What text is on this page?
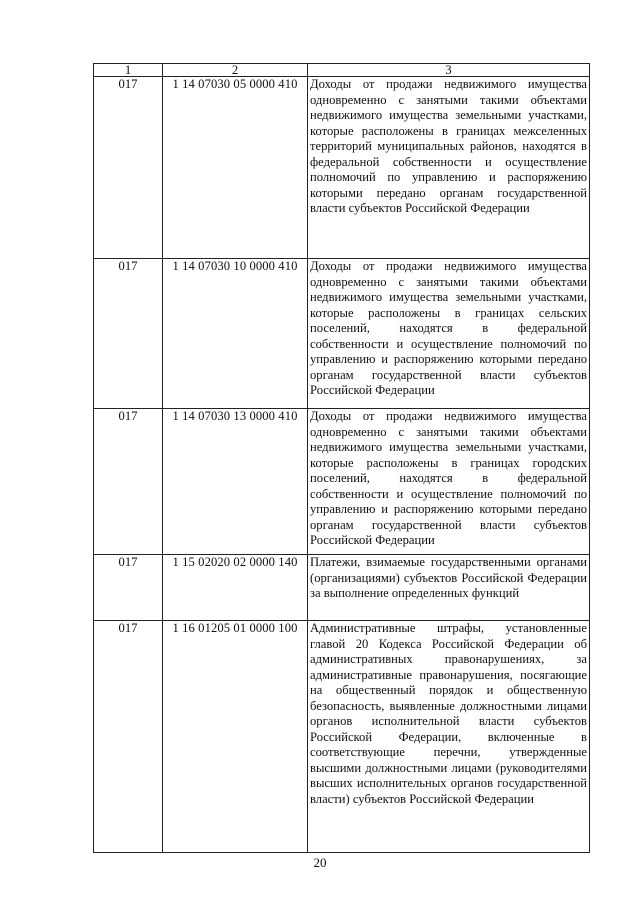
1	2	3
017	1 14 07030 05 0000 410	Доходы от продажи недвижимого имущества одновременно с занятыми такими объектами недвижимого имущества земельными участками, которые расположены в границах межселенных территорий муниципальных районов, находятся в федеральной собственности и осуществление полномочий по управлению и распоряжению которыми передано органам государственной власти субъектов Российской Федерации
017	1 14 07030 10 0000 410	Доходы от продажи недвижимого имущества одновременно с занятыми такими объектами недвижимого имущества земельными участками, которые расположены в границах сельских поселений, находятся в федеральной собственности и осуществление полномочий по управлению и распоряжению которыми передано органам государственной власти субъектов Российской Федерации
017	1 14 07030 13 0000 410	Доходы от продажи недвижимого имущества одновременно с занятыми такими объектами недвижимого имущества земельными участками, которые расположены в границах городских поселений, находятся в федеральной собственности и осуществление полномочий по управлению и распоряжению которыми передано органам государственной власти субъектов Российской Федерации
017	1 15 02020 02 0000 140	Платежи, взимаемые государственными органами (организациями) субъектов Российской Федерации за выполнение определенных функций
017	1 16 01205 01 0000 100	Административные штрафы, установленные главой 20 Кодекса Российской Федерации об административных правонарушениях, за административные правонарушения, посягающие на общественный порядок и общественную безопасность, выявленные должностными лицами органов исполнительной власти субъектов Российской Федерации, включенные в соответствующие перечни, утвержденные высшими должностными лицами (руководителями высших исполнительных органов государственной власти) субъектов Российской Федерации
20
